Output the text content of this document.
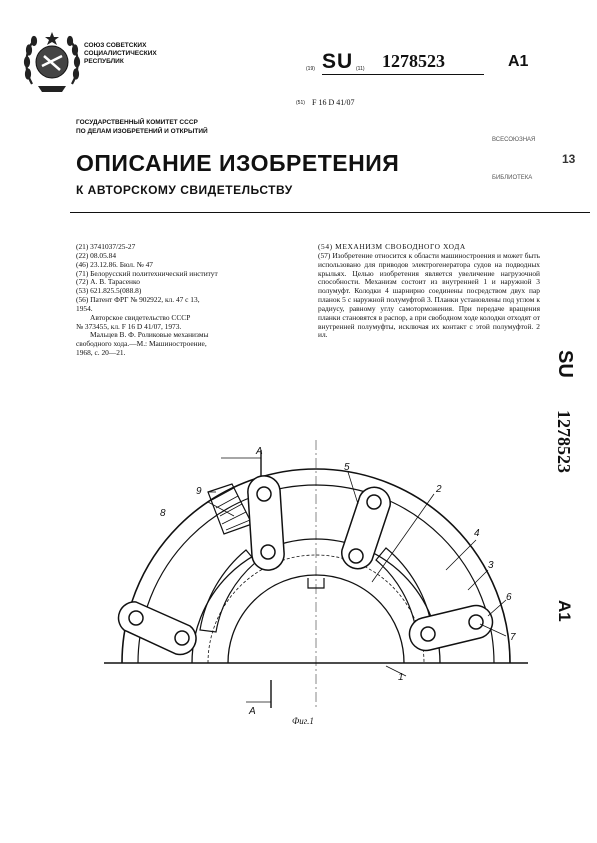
СОЮЗ СОВЕТСКИХ
СОЦИАЛИСТИЧЕСКИХ
РЕСПУБЛИК
(19) SU (11) 1278523	A1
(51) F 16 D 41/07
ГОСУДАРСТВЕННЫЙ КОМИТЕТ СССР
ПО ДЕЛАМ ИЗОБРЕТЕНИЙ И ОТКРЫТИЙ
ВСЕСОЮЗНАЯ
13
БИБЛИОТЕКА
ОПИСАНИЕ ИЗОБРЕТЕНИЯ
К АВТОРСКОМУ СВИДЕТЕЛЬСТВУ
(21) 3741037/25-27
(22) 08.05.84
(46) 23.12.86. Бюл. № 47
(71) Белорусский политехнический институт
(72) А. В. Тарасенко
(53) 621.825.5(088.8)
(56) Патент ФРГ № 902922, кл. 47 с 13,
1954.
Авторское свидетельство СССР
№ 373455, кл. F 16 D 41/07, 1973.
Мальцев В. Ф. Роликовые механизмы
свободного хода.—М.: Машиностроение,
1968, с. 20—21.

(54) МЕХАНИЗМ СВОБОДНОГО ХОДА

(57) Изобретение относится к области машиностроения и может быть использовано для приводов электрогенератора судов на подводных крыльях. Целью изобретения является увеличение нагрузочной способности. Механизм состоит из внутренней 1 и наружной 3 полумуфт. Колодки 4 шарнирно соединены посредством двух пар планок 5 с наружной полумуфтой 3. Планки установлены под углом к радиусу, равному углу самоторможения. При передаче вращения планки становятся в распор, а при свободном ходе колодки отходят от внутренней полумуфты, исключая их контакт с этой полумуфтой. 2 ил.

A
A
1
2
3
4
5
6
7
8
9
Фиг.1
SU
1278523
A1
